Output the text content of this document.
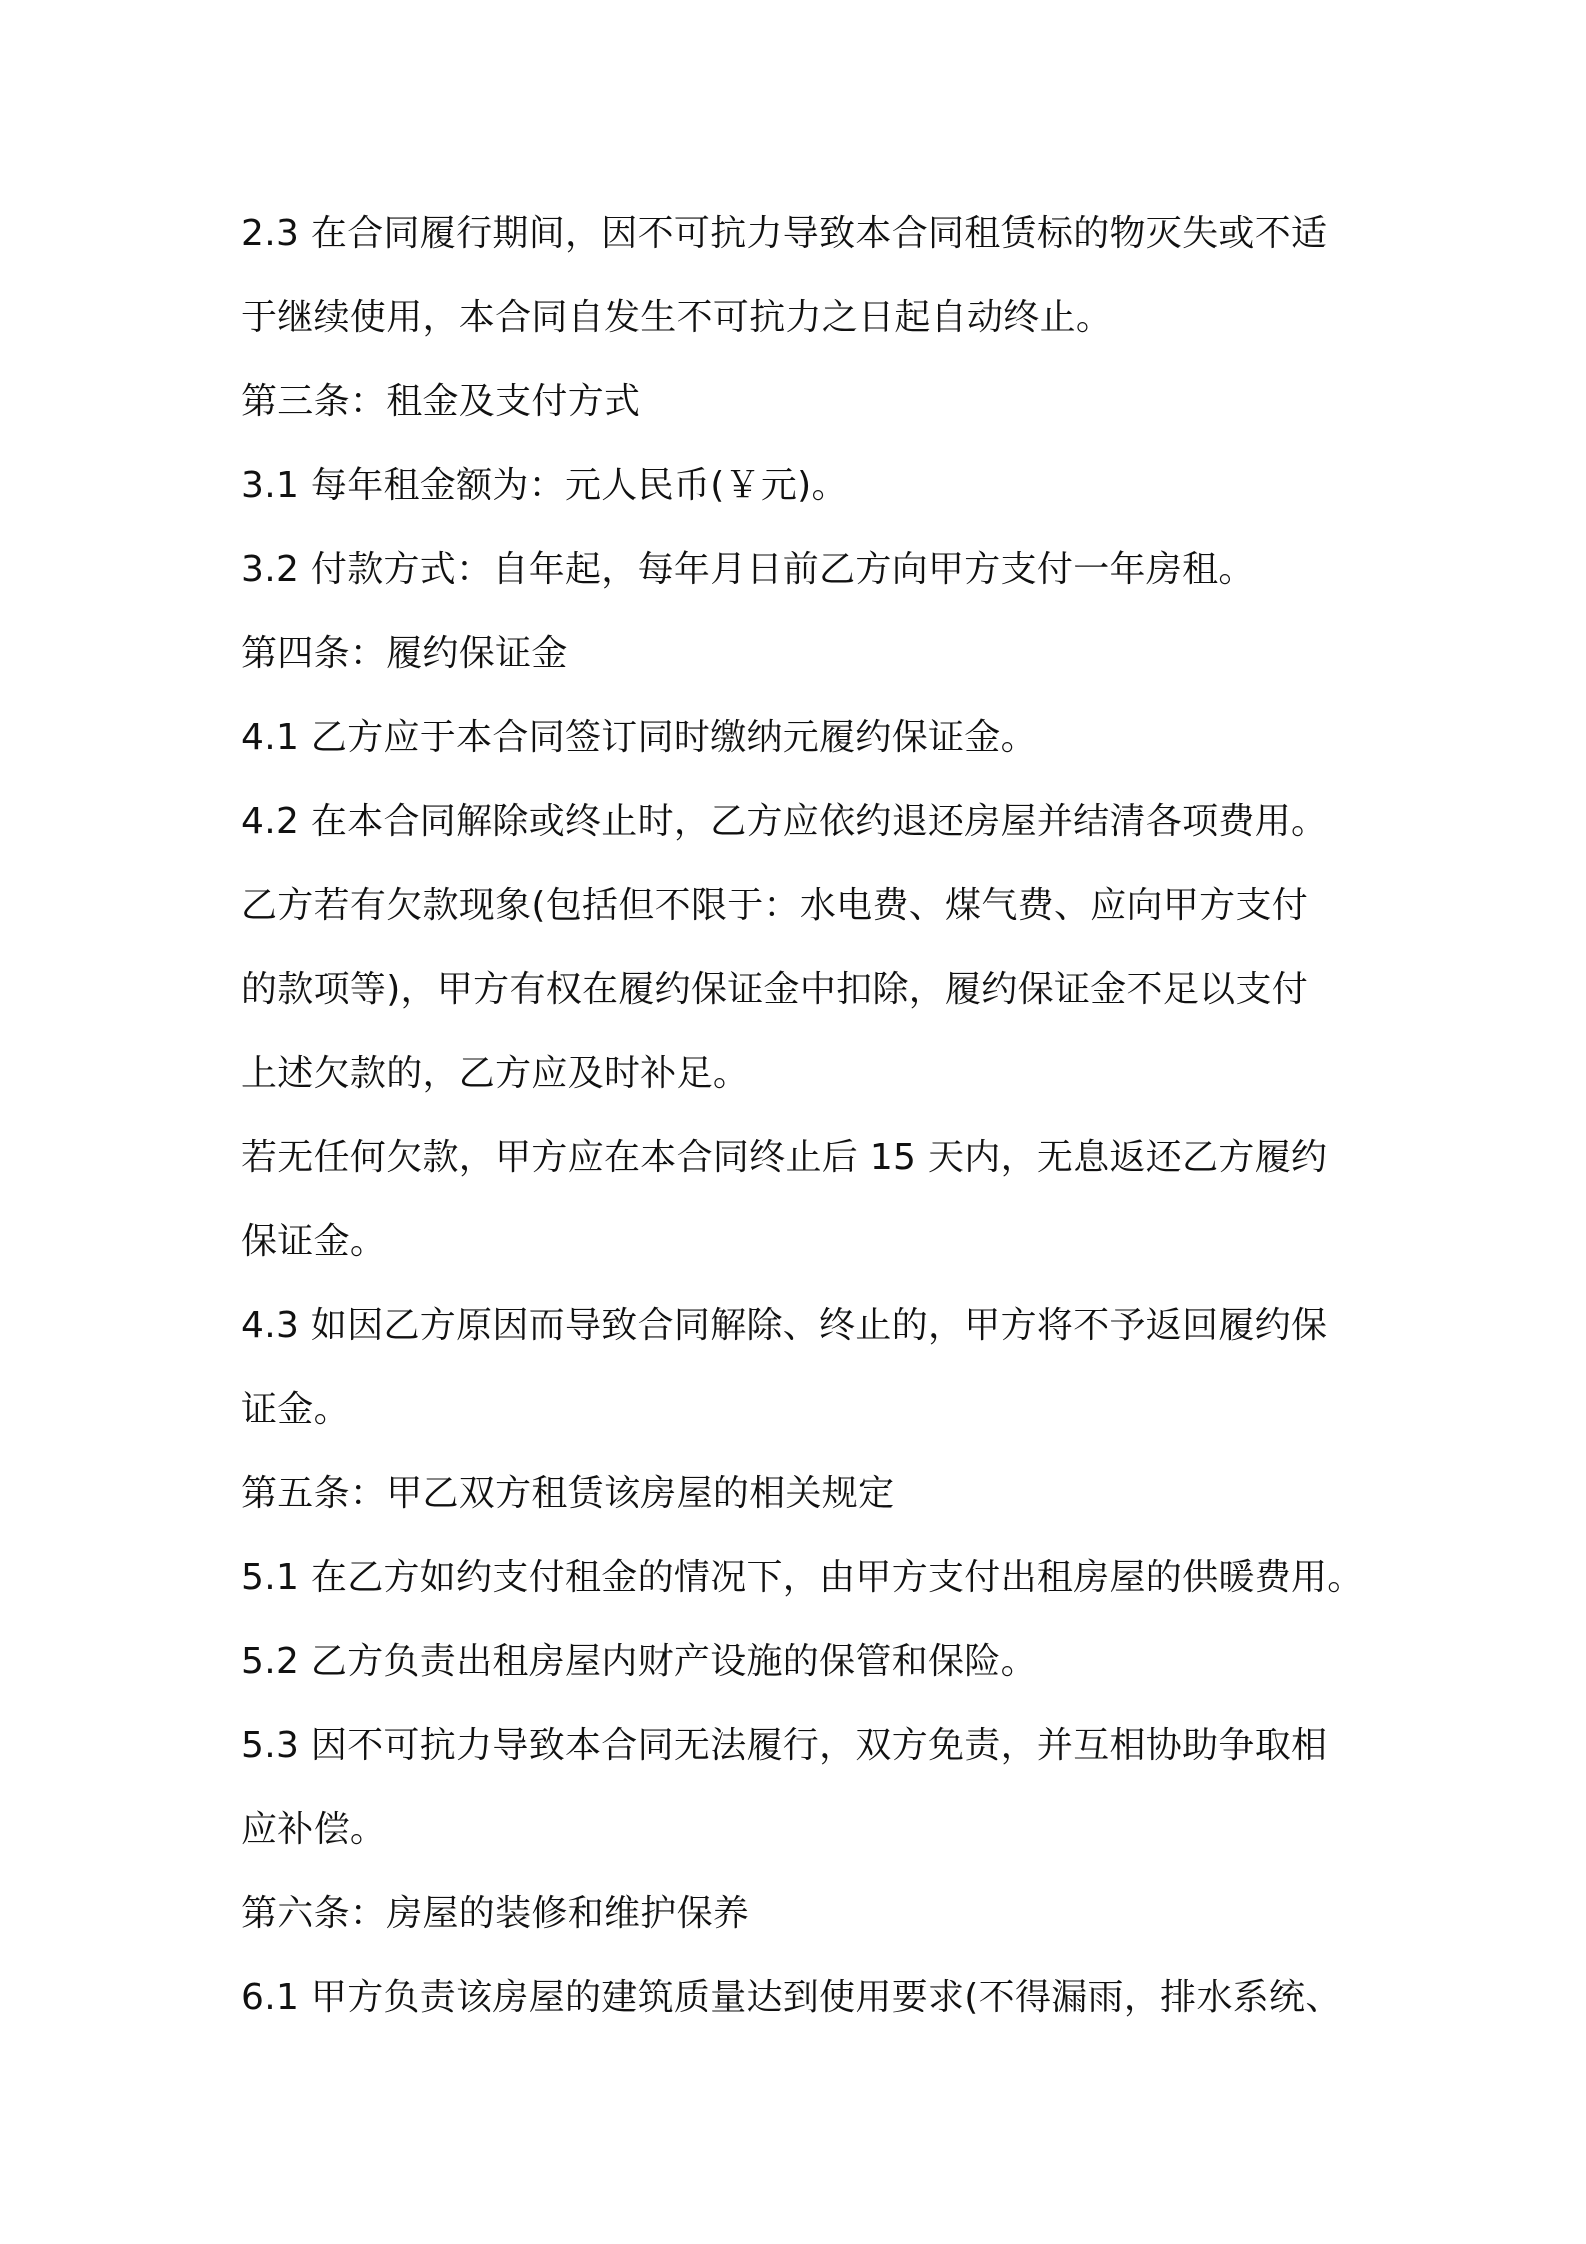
2.3 在合同履行期间，因不可抗力导致本合同租赁标的物灭失或不适
于继续使用，本合同自发生不可抗力之日起自动终止。
第三条：租金及支付方式
3.1 每年租金额为：元人民币(￥元)。
3.2 付款方式：自年起，每年月日前乙方向甲方支付一年房租。
第四条：履约保证金
4.1 乙方应于本合同签订同时缴纳元履约保证金。
4.2 在本合同解除或终止时，乙方应依约退还房屋并结清各项费用。
乙方若有欠款现象(包括但不限于：水电费、煤气费、应向甲方支付
的款项等)，甲方有权在履约保证金中扣除，履约保证金不足以支付
上述欠款的，乙方应及时补足。
若无任何欠款，甲方应在本合同终止后 15 天内，无息返还乙方履约
保证金。
4.3 如因乙方原因而导致合同解除、终止的，甲方将不予返回履约保
证金。
第五条：甲乙双方租赁该房屋的相关规定
5.1 在乙方如约支付租金的情况下，由甲方支付出租房屋的供暖费用。
5.2 乙方负责出租房屋内财产设施的保管和保险。
5.3 因不可抗力导致本合同无法履行，双方免责，并互相协助争取相
应补偿。
第六条：房屋的装修和维护保养
6.1 甲方负责该房屋的建筑质量达到使用要求(不得漏雨，排水系统、
